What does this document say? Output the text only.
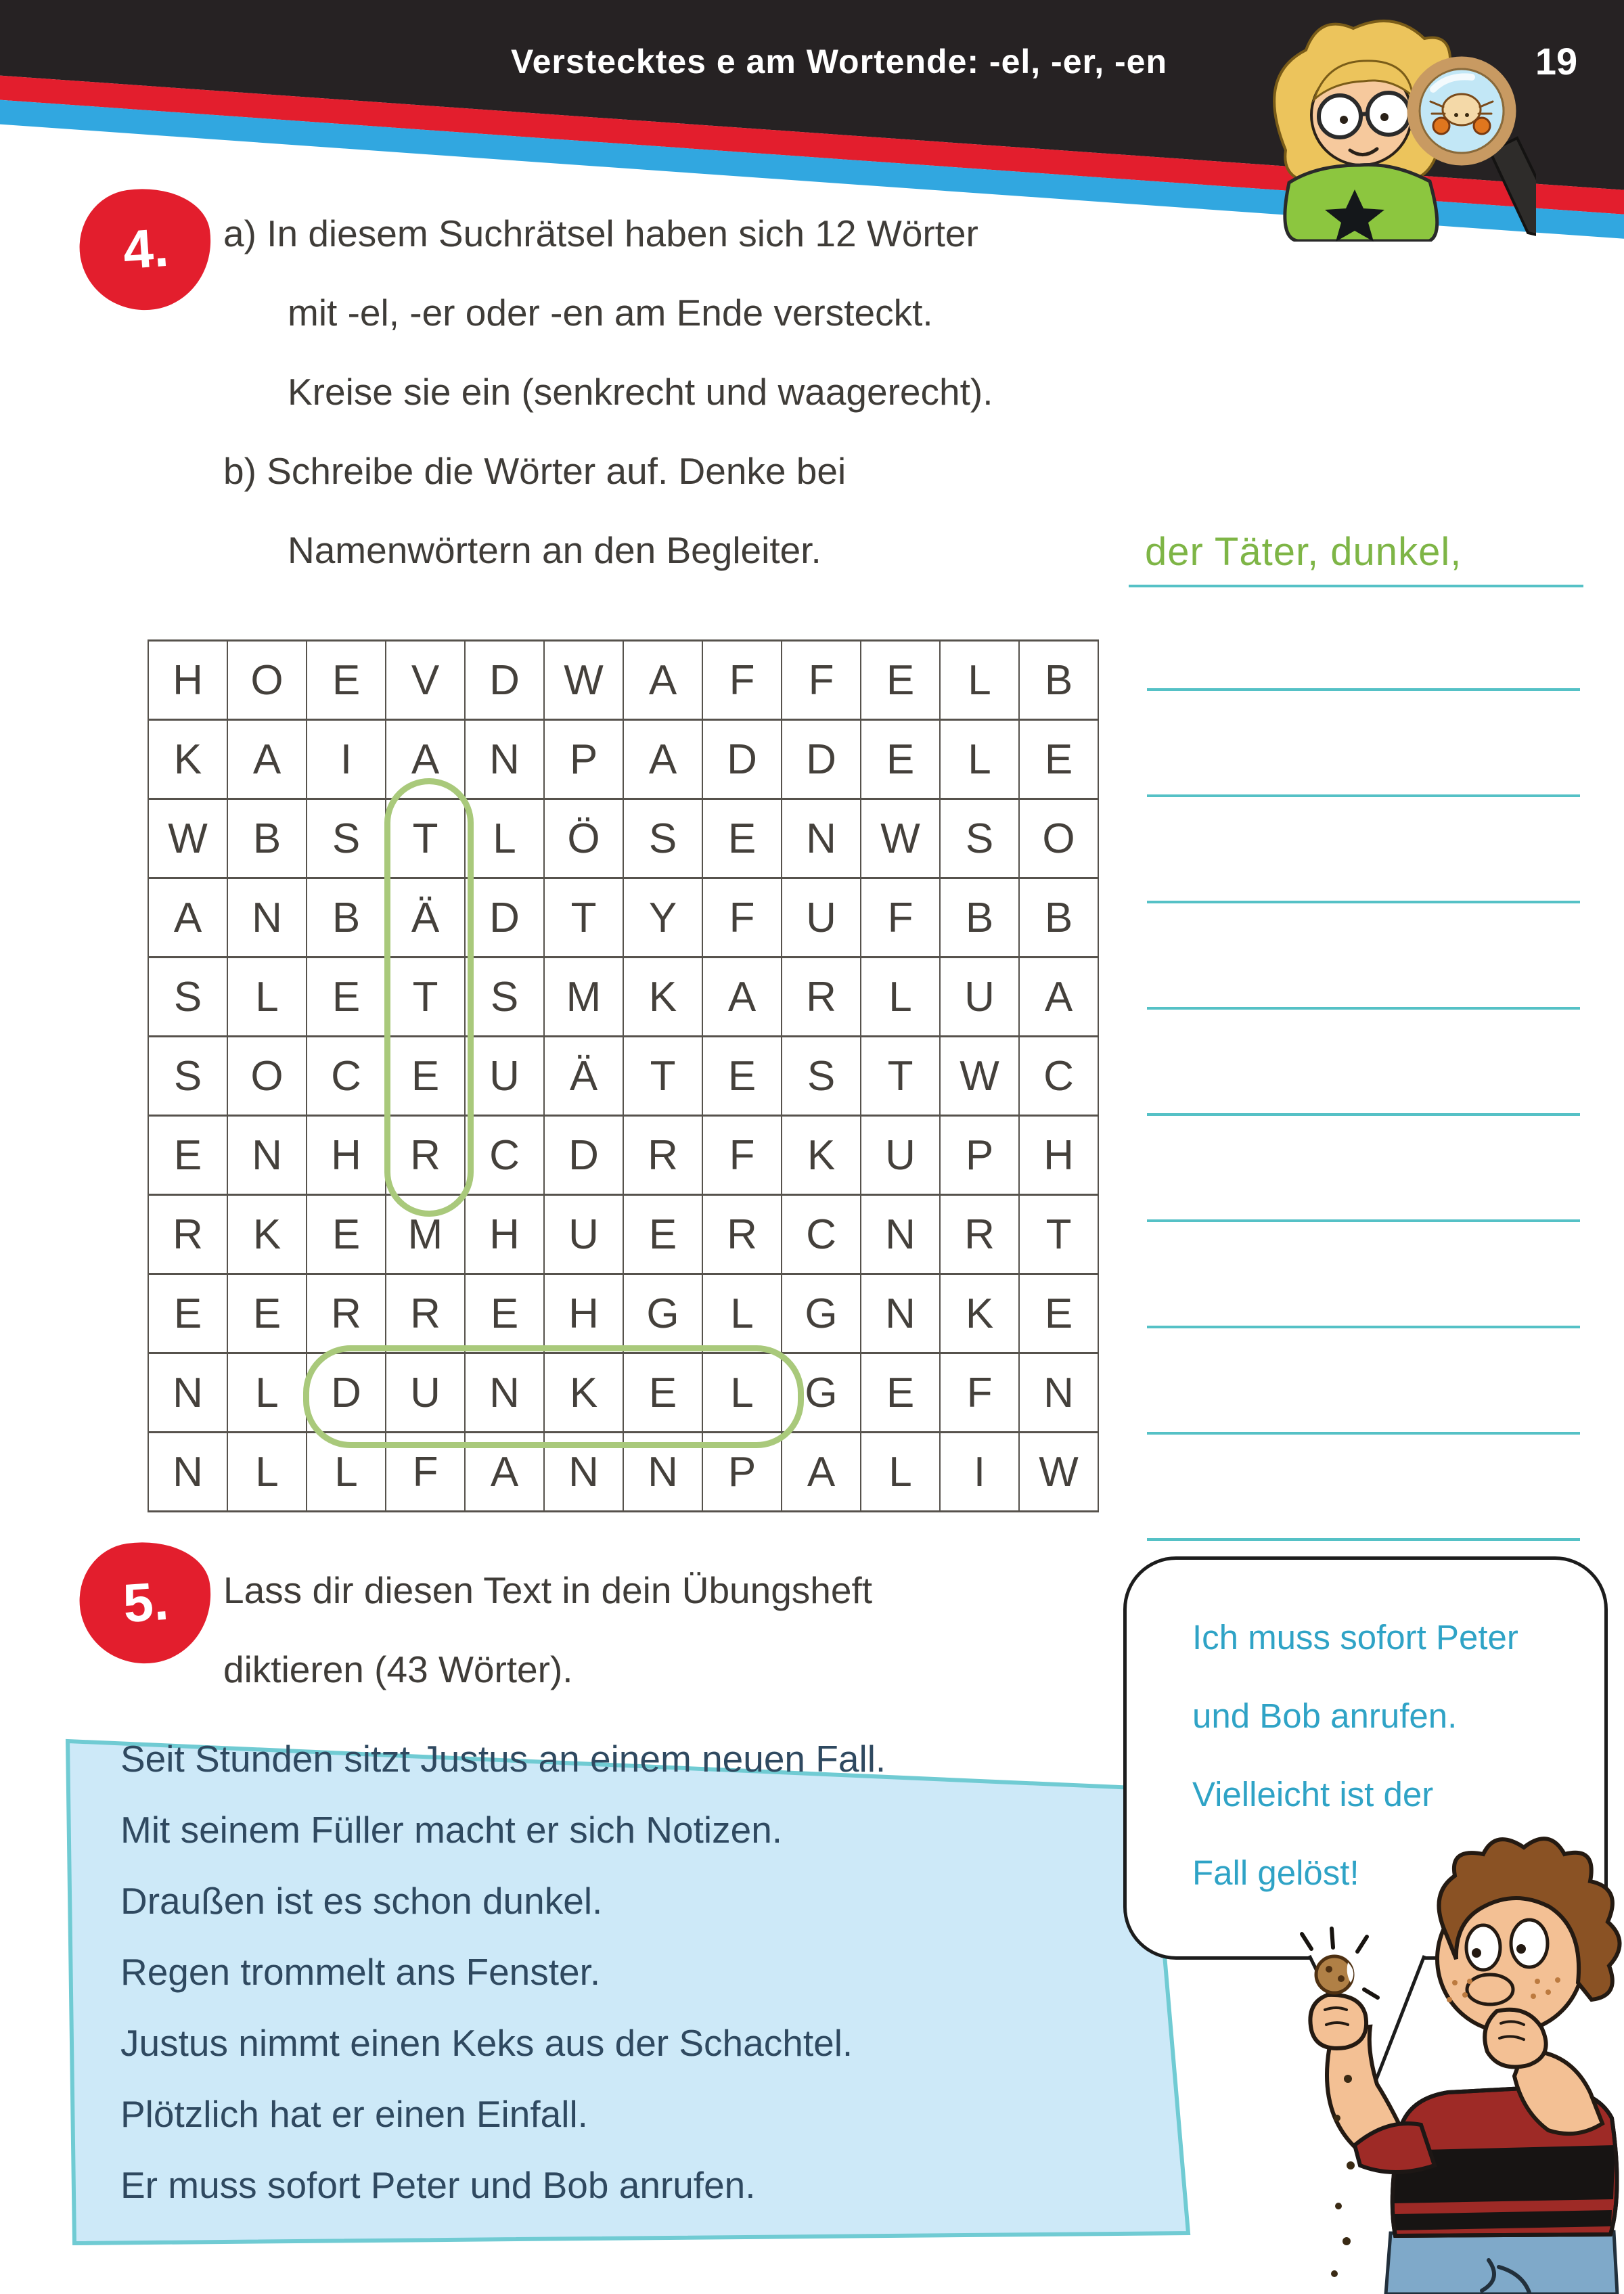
Verstecktes e am Wortende: -el, -er, -en	19
4. a) In diesem Suchrätsel haben sich 12 Wörter
mit -el, -er oder -en am Ende versteckt.
Kreise sie ein (senkrecht und waagerecht).
b) Schreibe die Wörter auf. Denke bei
Namenwörtern an den Begleiter.	der Täter, dunkel,
H	O	E	V	D	W	A	F	F	E	L	B
K	A	I	A	N	P	A	D	D	E	L	E
W	B	S	T	L	Ö	S	E	N	W	S	O
A	N	B	Ä	D	T	Y	F	U	F	B	B
S	L	E	T	S	M	K	A	R	L	U	A
S	O	C	E	U	Ä	T	E	S	T	W	C
E	N	H	R	C	D	R	F	K	U	P	H
R	K	E	M	H	U	E	R	C	N	R	T
E	E	R	R	E	H	G	L	G	N	K	E
N	L	D	U	N	K	E	L	G	E	F	N
N	L	L	F	A	N	N	P	A	L	I	W
5. Lass dir diesen Text in dein Übungsheft
diktieren (43 Wörter).
Seit Stunden sitzt Justus an einem neuen Fall.
Mit seinem Füller macht er sich Notizen.
Draußen ist es schon dunkel.
Regen trommelt ans Fenster.
Justus nimmt einen Keks aus der Schachtel.
Plötzlich hat er einen Einfall.
Er muss sofort Peter und Bob anrufen.
Ich muss sofort Peter
und Bob anrufen.
Vielleicht ist der
Fall gelöst!
